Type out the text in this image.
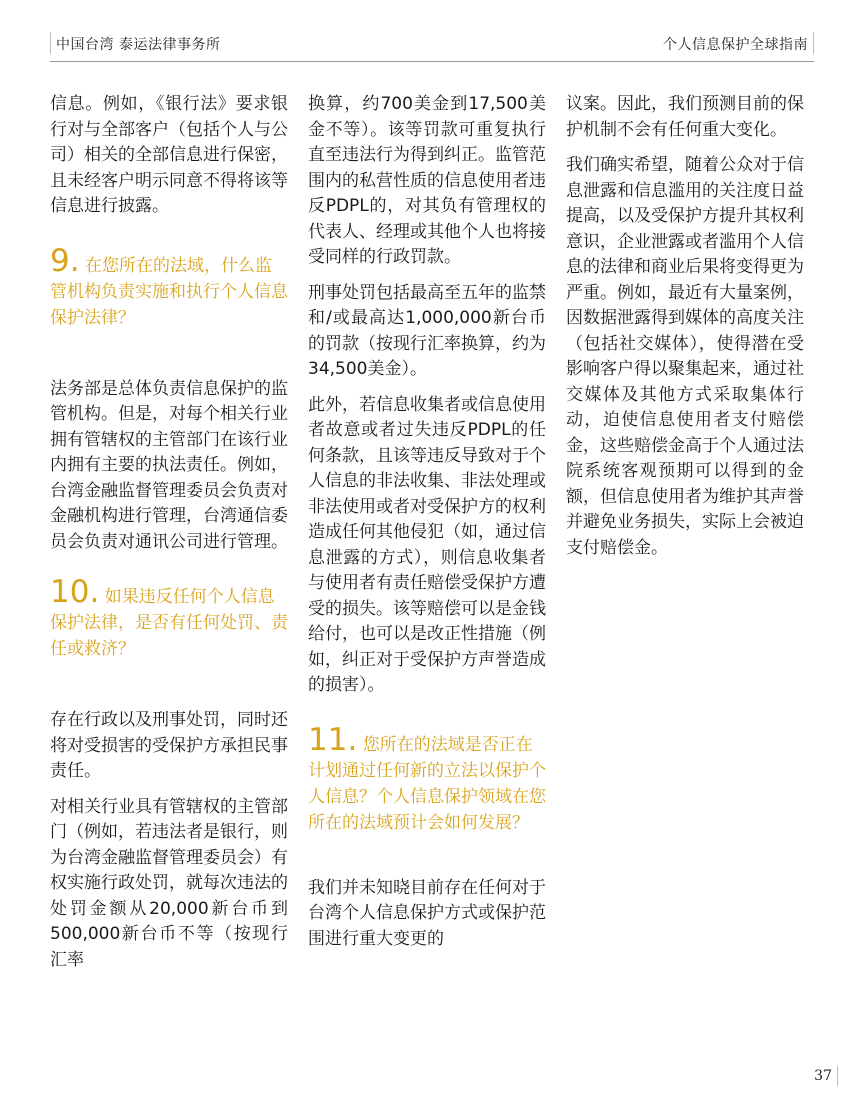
中国台湾 泰运法律事务所	个人信息保护全球指南

信息。例如，《银行法》要求银行对与全部客户（包括个人与公司）相关的全部信息进行保密，且未经客户明示同意不得将该等信息进行披露。

9. 在您所在的法域，什么监管机构负责实施和执行个人信息保护法律？

法务部是总体负责信息保护的监管机构。但是，对每个相关行业拥有管辖权的主管部门在该行业内拥有主要的执法责任。例如，台湾金融监督管理委员会负责对金融机构进行管理，台湾通信委员会负责对通讯公司进行管理。

10. 如果违反任何个人信息保护法律，是否有任何处罚、责任或救济？

存在行政以及刑事处罚，同时还将对受损害的受保护方承担民事责任。

对相关行业具有管辖权的主管部门（例如，若违法者是银行，则为台湾金融监督管理委员会）有权实施行政处罚，就每次违法的处罚金额从20,000新台币到500,000新台币不等（按现行汇率

换算，约700美金到17,500美金不等）。该等罚款可重复执行直至违法行为得到纠正。监管范围内的私营性质的信息使用者违反PDPL的，对其负有管理权的代表人、经理或其他个人也将接受同样的行政罚款。

刑事处罚包括最高至五年的监禁和/或最高达1,000,000新台币的罚款（按现行汇率换算，约为34,500美金）。

此外，若信息收集者或信息使用者故意或者过失违反PDPL的任何条款，且该等违反导致对于个人信息的非法收集、非法处理或非法使用或者对受保护方的权利造成任何其他侵犯（如，通过信息泄露的方式），则信息收集者与使用者有责任赔偿受保护方遭受的损失。该等赔偿可以是金钱给付，也可以是改正性措施（例如，纠正对于受保护方声誉造成的损害）。

11. 您所在的法域是否正在计划通过任何新的立法以保护个人信息？个人信息保护领域在您所在的法域预计会如何发展？

我们并未知晓目前存在任何对于台湾个人信息保护方式或保护范围进行重大变更的

议案。因此，我们预测目前的保护机制不会有任何重大变化。

我们确实希望，随着公众对于信息泄露和信息滥用的关注度日益提高，以及受保护方提升其权利意识，企业泄露或者滥用个人信息的法律和商业后果将变得更为严重。例如，最近有大量案例，因数据泄露得到媒体的高度关注（包括社交媒体），使得潜在受影响客户得以聚集起来，通过社交媒体及其他方式采取集体行动，迫使信息使用者支付赔偿金，这些赔偿金高于个人通过法院系统客观预期可以得到的金额，但信息使用者为维护其声誉并避免业务损失，实际上会被迫支付赔偿金。

37
